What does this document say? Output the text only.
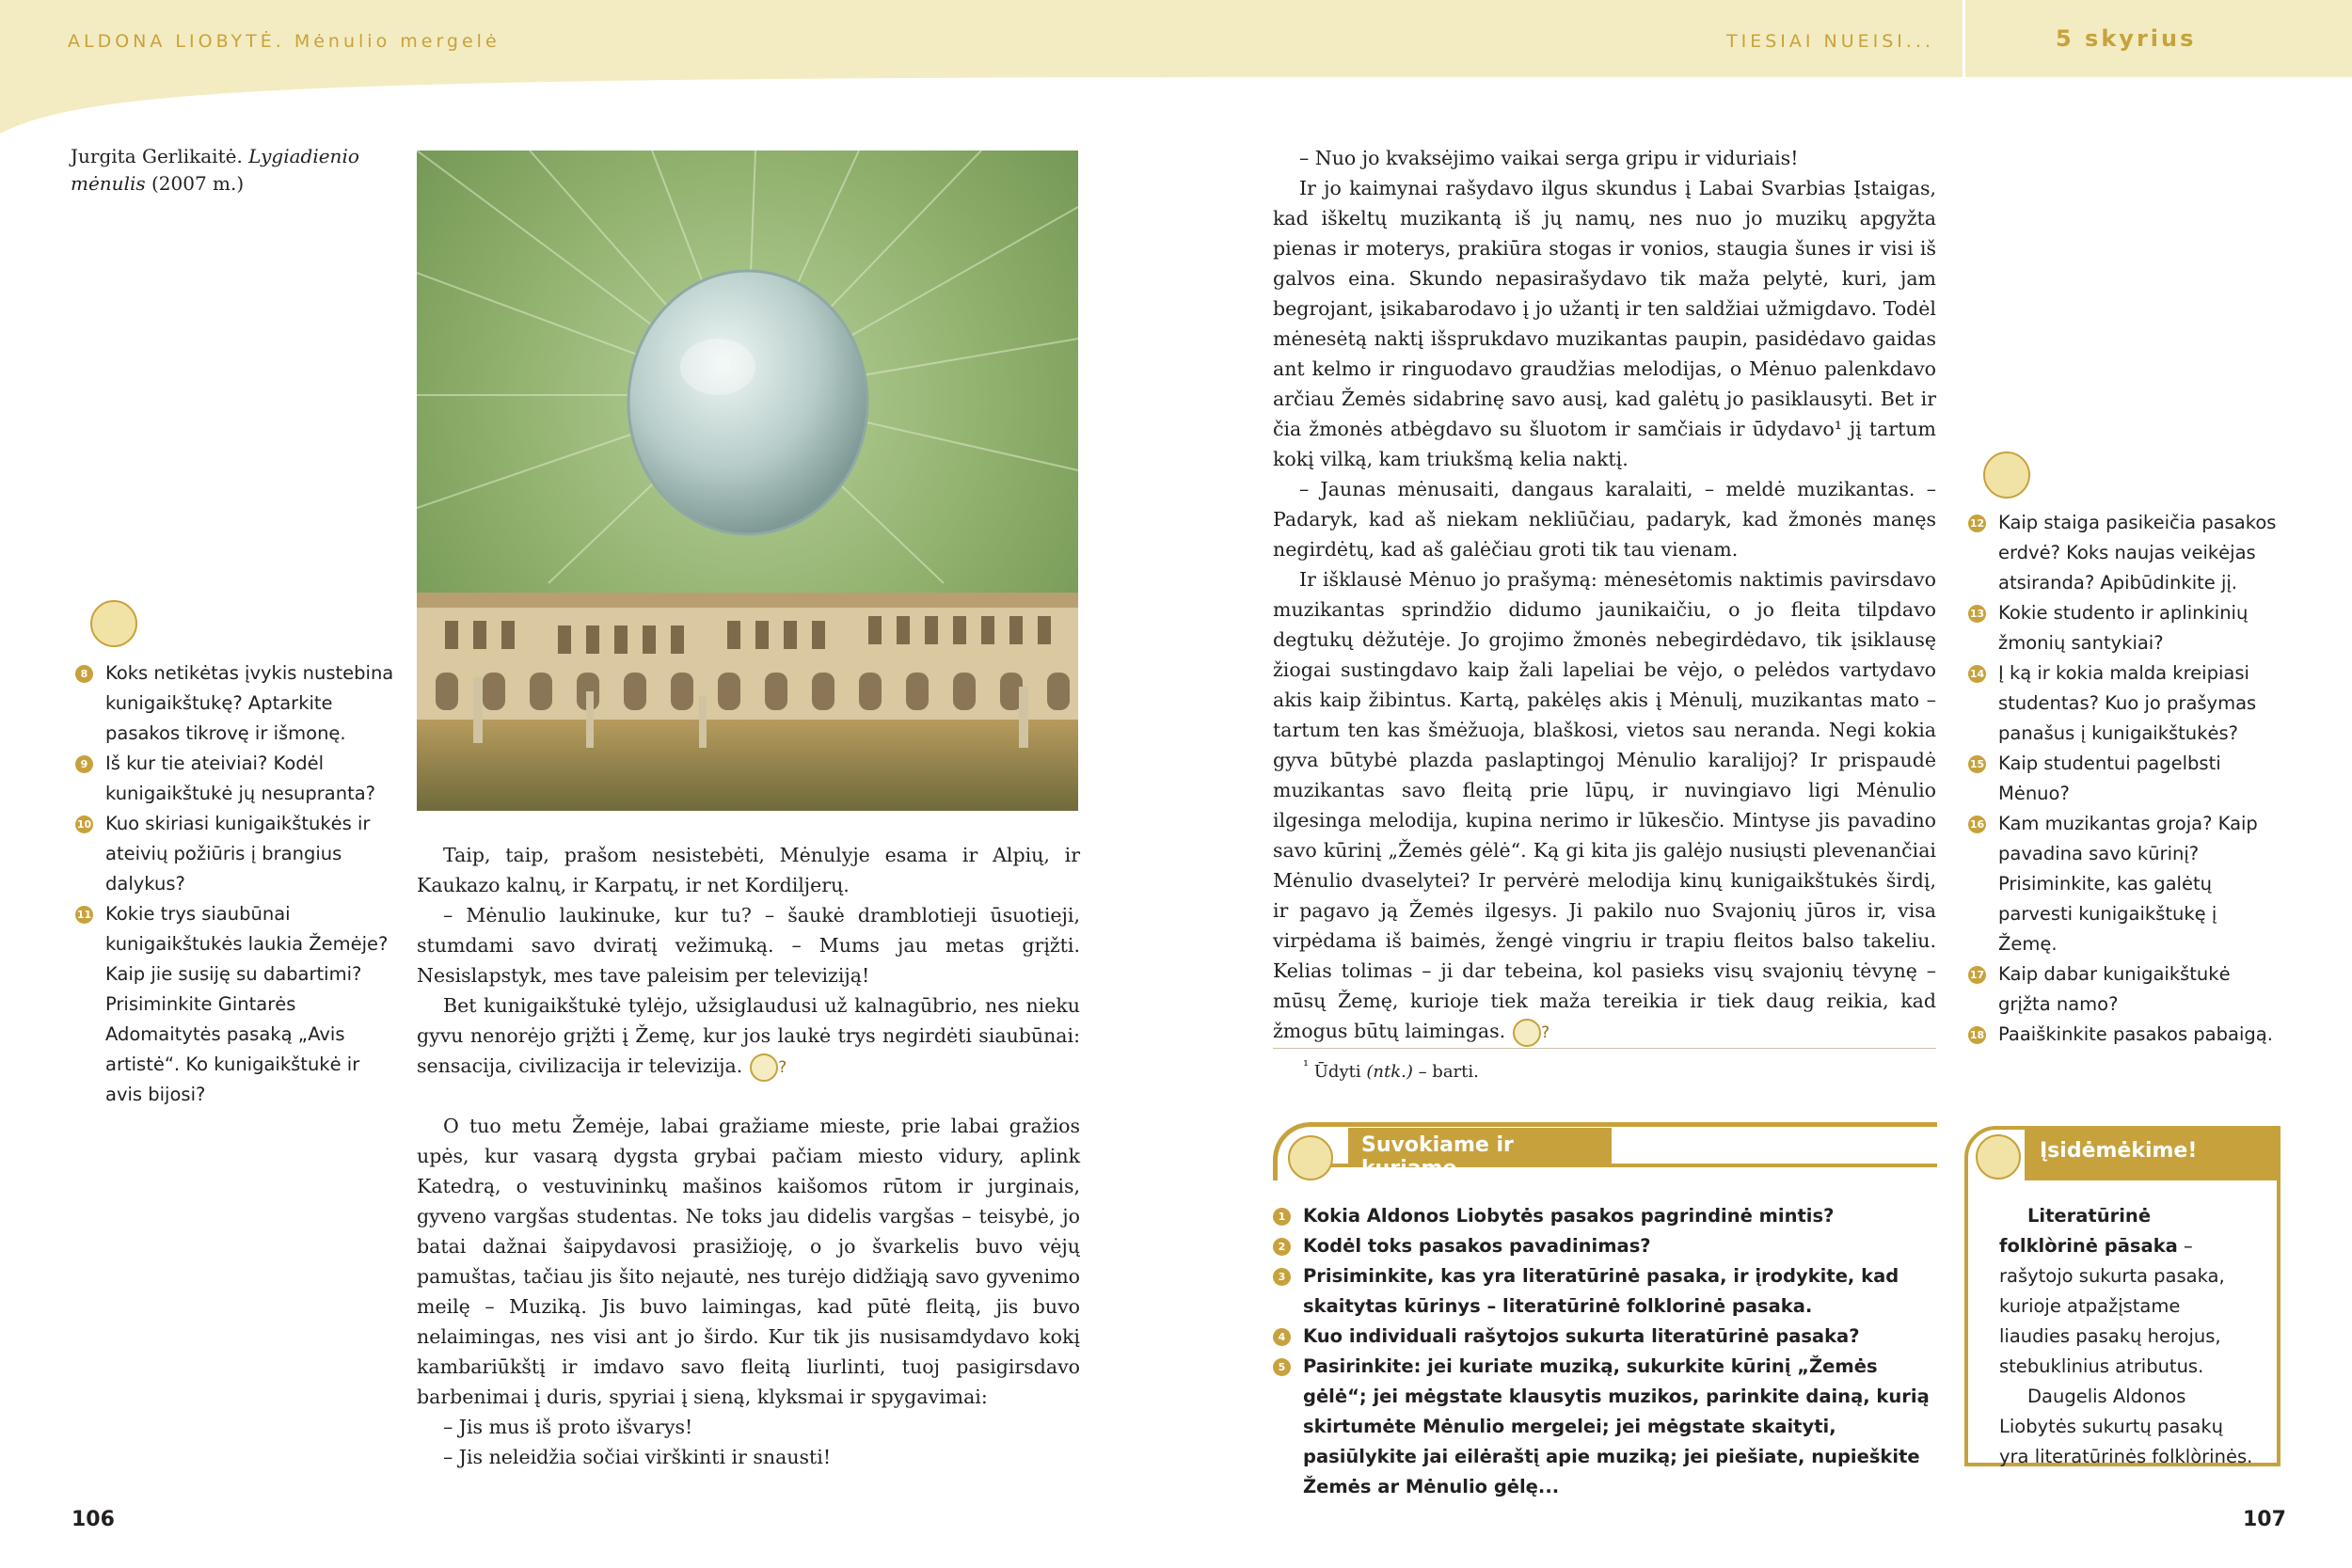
ALDONA LIOBYTĖ. Mėnulio mergelė	TIESIAI NUEISI...	5 skyrius
Jurgita Gerlikaitė. Lygiadienio mėnulis (2007 m.)
8 Koks netikėtas įvykis nustebina kunigaikštukę? Aptarkite pasakos tikrovę ir išmonę.
9 Iš kur tie ateiviai? Kodėl kunigaikštukė jų nesupranta?
10 Kuo skiriasi kunigaikštukės ir ateivių požiūris į brangius dalykus?
11 Kokie trys siaubūnai kunigaikštukės laukia Žemėje? Kaip jie susiję su dabartimi? Prisiminkite Gintarės Adomaitytės pasaką „Avis artistė“. Ko kunigaikštukė ir avis bijosi?

Taip, taip, prašom nesistebėti, Mėnulyje esama ir Alpių, ir Kaukazo kalnų, ir Karpatų, ir net Kordiljerų.

– Mėnulio laukinuke, kur tu? – šaukė dramblotieji ūsuotieji, stumdami savo dviratį vežimuką. – Mums jau metas grįžti. Nesislapstyk, mes tave paleisim per televiziją!

Bet kunigaikštukė tylėjo, užsiglaudusi už kalnagūbrio, nes nieku gyvu nenorėjo grįžti į Žemę, kur jos laukė trys negirdėti siaubūnai: sensacija, civilizacija ir televizija. ?

O tuo metu Žemėje, labai gražiame mieste, prie labai gražios upės, kur vasarą dygsta grybai pačiam miesto vidury, aplink Katedrą, o vestuvininkų mašinos kaišomos rūtom ir jurginais, gyveno vargšas studentas. Ne toks jau didelis vargšas – teisybė, jo batai dažnai šaipydavosi prasižioję, o jo švarkelis buvo vėjų pamuštas, tačiau jis šito nejautė, nes turėjo didžiąją savo gyvenimo meilę – Muziką. Jis buvo laimingas, kad pūtė fleitą, jis buvo nelaimingas, nes visi ant jo širdo. Kur tik jis nusisamdydavo kokį kambariūkštį ir imdavo savo fleitą liurlinti, tuoj pasigirsdavo barbenimai į duris, spyriai į sieną, klyksmai ir spygavimai:

– Jis mus iš proto išvarys!

– Jis neleidžia sočiai virškinti ir snausti!

– Nuo jo kvaksėjimo vaikai serga gripu ir viduriais!

Ir jo kaimynai rašydavo ilgus skundus į Labai Svarbias Įstaigas, kad iškeltų muzikantą iš jų namų, nes nuo jo muzikų apgyžta pienas ir moterys, prakiūra stogas ir vonios, staugia šunes ir visi iš galvos eina. Skundo nepasirašydavo tik maža pelytė, kuri, jam begrojant, įsikabarodavo į jo užantį ir ten saldžiai užmigdavo. Todėl mėnesėtą naktį išsprukdavo muzikantas paupin, pasidėdavo gaidas ant kelmo ir ringuodavo graudžias melodijas, o Mėnuo palenkdavo arčiau Žemės sidabrinę savo ausį, kad galėtų jo pasiklausyti. Bet ir čia žmonės atbėgdavo su šluotom ir samčiais ir ūdydavo¹ jį tartum kokį vilką, kam triukšmą kelia naktį.

– Jaunas mėnusaiti, dangaus karalaiti, – meldė muzikantas. – Padaryk, kad aš niekam nekliūčiau, padaryk, kad žmonės manęs negirdėtų, kad aš galėčiau groti tik tau vienam.

Ir išklausė Mėnuo jo prašymą: mėnesėtomis naktimis pavirsdavo muzikantas sprindžio didumo jaunikaičiu, o jo fleita tilpdavo degtukų dėžutėje. Jo grojimo žmonės nebegirdėdavo, tik įsiklausę žiogai sustingdavo kaip žali lapeliai be vėjo, o pelėdos vartydavo akis kaip žibintus. Kartą, pakėlęs akis į Mėnulį, muzikantas mato – tartum ten kas šmėžuoja, blaškosi, vietos sau neranda. Negi kokia gyva būtybė plazda paslaptingoj Mėnulio karalijoj? Ir prispaudė muzikantas savo fleitą prie lūpų, ir nuvingiavo ligi Mėnulio ilgesinga melodija, kupina nerimo ir lūkesčio. Mintyse jis pavadino savo kūrinį „Žemės gėlė“. Ką gi kita jis galėjo nusiųsti plevenančiai Mėnulio dvaselytei? Ir pervėrė melodija kinų kunigaikštukės širdį, ir pagavo ją Žemės ilgesys. Ji pakilo nuo Svajonių jūros ir, visa virpėdama iš baimės, žengė vingriu ir trapiu fleitos balso takeliu. Kelias tolimas – ji dar tebeina, kol pasieks visų svajonių tėvynę – mūsų Žemę, kurioje tiek maža tereikia ir tiek daug reikia, kad žmogus būtų laimingas. ?

$^{^1}$ Ūdyti (ntk.) – barti.
12 Kaip staiga pasikeičia pasakos erdvė? Koks naujas veikėjas atsiranda? Apibūdinkite jį.
13 Kokie studento ir aplinkinių žmonių santykiai?
14 Į ką ir kokia malda kreipiasi studentas? Kuo jo prašymas panašus į kunigaikštukės?
15 Kaip studentui pagelbsti Mėnuo?
16 Kam muzikantas groja? Kaip pavadina savo kūrinį? Prisiminkite, kas galėtų parvesti kunigaikštukę į Žemę.
17 Kaip dabar kunigaikštukė grįžta namo?
18 Paaiškinkite pasakos pabaigą.
Suvokiame ir kuriame
1 Kokia Aldonos Liobytės pasakos pagrindinė mintis?
2 Kodėl toks pasakos pavadinimas?
3 Prisiminkite, kas yra literatūrinė pasaka, ir įrodykite, kad skaitytas kūrinys – literatūrinė folklorinė pasaka.
4 Kuo individuali rašytojos sukurta literatūrinė pasaka?
5 Pasirinkite: jei kuriate muziką, sukurkite kūrinį „Žemės gėlė“; jei mėgstate klausytis muzikos, parinkite dainą, kurią skirtumėte Mėnulio mergelei; jei mėgstate skaityti, pasiūlykite jai eilėraštį apie muziką; jei piešiate, nupieškite Žemės ar Mėnulio gėlę...
Įsidėmėkime!
Literatūrinė folklòrinė pāsaka – rašytojo sukurta pasaka, kurioje atpažįstame liaudies pasakų herojus, stebuklinius atributus.
Daugelis Aldonos Liobytės sukurtų pasakų yra literatūrinės folklòrinės.
106	107
